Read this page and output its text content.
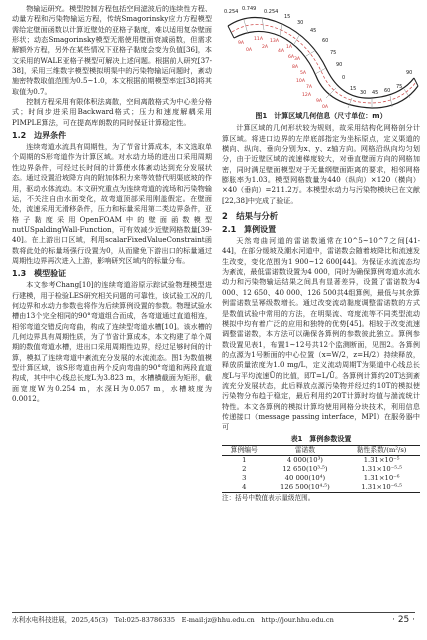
物输运研究。模型控制方程包括空间滤波后的连续性方程、动量方程和污染物输运方程，传统Smagorinsky应力方程模型需给定壁面函数以计算近壁处的亚格子黏度，难以适用复杂壁面形状；动态Smagorinsky模型无需使用壁面衰减函数，但需求解额外方程，另外在某些情况下亚格子黏度会变为负值[36]，本文采用的WALE亚格子模型可解决上述问题。根据前人研究[37-38]，采用三维数字模型模拟明渠中的污染物输运问题时，紊动施密特数取值范围为0.5~1.0，本文根据前期模型率定[38]将其取值为0.7。

控制方程采用有限体积法离散，空间离散格式为中心差分格式；时间步进采用Backward格式；压力和速度解耦采用PIMPLE算法，可在提高库朗数的同时保证计算稳定性。

1.2　边界条件

连续弯道水流具有周期性，为了节省计算成本，本文选取单个周期的S形弯道作为计算区域。对水动力场的进出口采用周期性边界条件，可经过长时间的计算使水体紊动达到充分发展状态。通过设置沿坡降方向的附加体积力来等效替代明渠底坡的作用，驱动水体流动。本文研究重点为连续弯道的流场和污染物输运，不关注自由水面变化，故弯道顶部采用刚盖假定。在壁面处，流速采用无滑移条件，压力和标量采用第二类边界条件，亚格子黏度采用OpenFOAM中的壁面函数模型nutUSpaldingWall-Function，可有效减少近壁网格数量[39-40]。在上游出口区域，利用scalarFixedValueConstraint函数将此处的标量场强行设置为0，从而避免下游出口的标量通过周期性边界再次进入上游，影响研究区域内的标量分布。

1.3　模型验证

本文参考Chang[10]的连续弯道浴原示踪试验物理模型进行建模，用于检验LES研究相关问题的可靠性，该试验工况的几何边界和水动力参数也将作为后续算例设置的参数。物理试验水槽由13个完全相同的90°弯道组合而成，各弯道通过直道相连，相邻弯道交错反向弯曲，构成了连续型弯道水槽[10]。该水槽的几何边界具有周期性质，为了节省计算成本，本文构建了单个周期的数值弯道水槽，进出口采用周期性边界，经过足够时间的计算，模拟了连续弯道中紊流充分发展的水流流态。图1为数值模型计算区域，该S形弯道由两个反向弯曲的90°弯道和两段直道构成，其中中心线总长度L为3.823 m，水槽横截面为矩形，截面宽度W为0.254 m，水深H为0.057 m，水槽坡度为0.0012。

0.254 0.749 0.254
15
30
45
60
75
90
0
15
30 45 60
75
90
9A
11A 13A
1A
3A
5A
7A
9A
0A
2A
4A
6A
8A
10A
12A
0A
图1　计算区域几何信息（尺寸单位：m）

计算区域的几何形状较为规则，故采用结构化网格剖分计算区域。将进口边界的左岸底部指定为坐标原点，定义渠道的横向、纵向、垂向分别为x、y、z轴方向。网格沿纵向均匀划分，由于近壁区域的流速梯度较大，对垂直壁面方向的网格加密，同时满足壁面模型对于无量纲壁面距离的要求，相邻网格膨胀率为1.03。模型网格数量为440（纵向）×120（横向）×40（垂向）=211.2万。本模型水动力与污染物模块已在文献[22,38]中完成了验证。

2　结果与分析
2.1　算例设置

天然弯曲河道的雷诺数通常在10^5~10^7之间[41-44]，在部分缓坡及潮水河道中，雷诺数会随着坡降比和流速发生改变，变化范围为1 900~12 600[44]。为保证水流流态均为紊流，最低雷诺数设置为4 000，同时为确保算例弯道水流水动力和污染物输运结果之间具有显著差异，设置了雷诺数为4 000、12 650、40 000、126 500共4组算例，最低与其余算例雷诺数呈幂级数增长。通过改变流动黏度调整雷诺数的方式是数值试验中常用的方法，在明渠流、弯度流等不同类型流动模拟中均有着广泛的应用和独特的优势[45]。相较于改变流速调整雷诺数，本方法可以确保各算例的参数彼此独立。算例参数设置见表1，布置1~12号共12个监测断面，见图2。各算例的点源为1号断面的中心位置（x=W/2，z=H/2）持续释放，释放质量浓度为1.0 mg/L，定义流动周期T为渠道中心线总长度L与平均流速Ū的比值，即T=L/Ū。各算例计算约20T达到紊流充分发展状态，此后释放点源污染物并经过约10T的模拟使污染物分布趋于稳定，最后利用约20T计算时均值与湍流统计特性。本文各算例的模拟计算均使用网格分块技术，利用信息传递接口（message passing interface，MPI）在服务器中可

表1　算例参数设置
算例编号	雷诺数	黏性系数/(m²/s)
1	4 000(10³)	1.31×10⁻⁵
2	12 650(10³·⁵)	1.31×10⁻⁵·⁵
3	40 000(10⁴)	1.31×10⁻⁶
4	126 500(10⁴·⁵)	1.31×10⁻⁶·⁵
注：括号中数值表示量级范围。
水利水电科技进展，2025,45(3)　Tel:025-83786335　E-mail:jz@hhu.edu.cn　http://jour.hhu.edu.cn	· 25 ·
